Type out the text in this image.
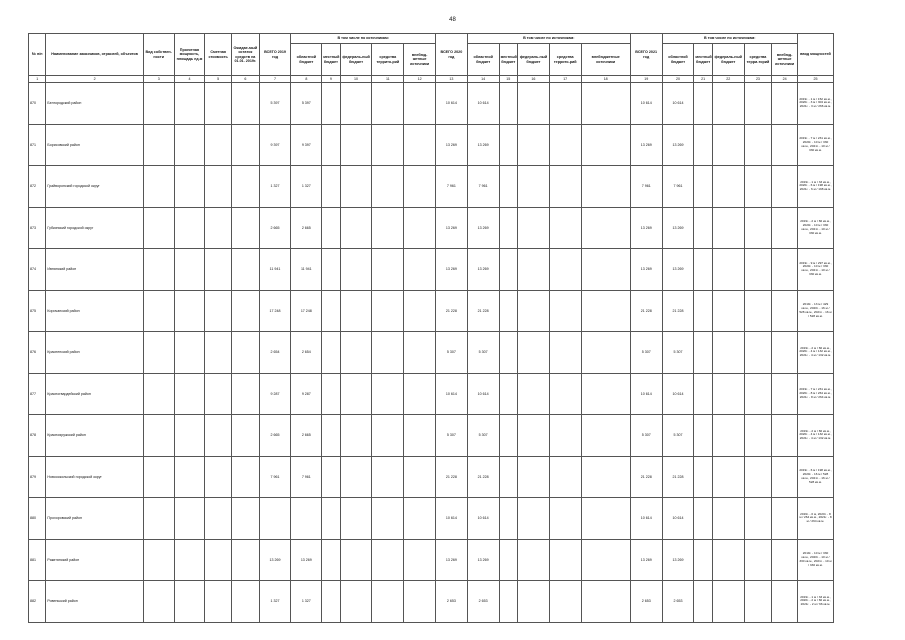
48
№ п/п	Наименование заказчиков, отраслей, объектов	Вид собствен-ности	Проектная мощность, площадь ед.м	Сметная стоимость	Ожидае-мый остаток средств на 01.01. 2019г.	ВСЕГО 2019 год	В том числе по источникам:					ВСЕГО 2020 год	В том числе по источникам:					ВСЕГО 2021 год	В том числе по источникам:					ввод мощностей
							областной бюджет	местный бюджет	федераль-ный бюджет	средства террито-рий	внебюд-жетные источники		областной бюджет	местный бюджет	федераль-ный бюджет	средства террито-рий	внебюджетные источники		областной бюджет	местный бюджет	федераль-ный бюджет	средства терри-торий	внебюд-жетные источники	
1	2	3	4	5	6	7	8	9	10	11	12	13	14	15	16	17	18	19	20	21	22	23	24	25
870	Белгородский район					5 397	5 397					10 614	10 614					10 614	10 614					2019г. - 1 м / 152 кв.м., 2020г. - 3 м / 304 кв.м., 2021г. - 3 м / 266 кв.м.
871	Борисовский район					9 397	9 397					13 269	13 269					13 269	13 269					2019г. - 7 м / 231 кв.м., 2020г. - 10 м / 330 кв.м., 2021г. - 10 м / 330 кв.м.
872	Грайворонский городской округ					1 327	1 327					7 961	7 961					7 961	7 961					2019г. - 1 м / 33 кв.м., 2020г. - 6 м / 198 кв.м., 2021г. - 6 м / 198 кв.м.
873	Губкинский городской округ					2 665	2 665					13 269	13 269					13 269	13 269					2019г. - 2 м / 66 кв.м., 2020г. - 10 м / 330 кв.м., 2021г. - 10 м / 330 кв.м.
874	Ивнянский район					11 941	11 941					13 269	13 269					13 269	13 269					2019г. - 9 м / 297 кв.м., 2020г. - 10 м / 330 кв.м., 2021г. - 10 м / 330 кв.м.
875	Корочанский район					17 248	17 248					21 228	21 228					21 228	21 228					2019г. - 13 м / 429 кв.м., 2020г. - 16 м / 528 кв.м., 2021г. - 16 м / 528 кв.м.
876	Красненский район					2 654	2 654					5 307	5 307					5 307	5 307					2019г. - 2 м / 66 кв.м., 2020г. - 4 м / 132 кв.м., 2021г. - 4 м / 132 кв.м.
877	Красногвардейский район					9 287	9 287					10 614	10 614					10 614	10 614					2019г. - 7 м / 231 кв.м., 2020г. - 8 м / 264 кв.м., 2021г. - 8 м / 264 кв.м.
878	Краснояружский район					2 665	2 665					5 307	5 307					5 307	5 307					2019г. - 2 м / 66 кв.м., 2020г. - 4 м / 132 кв.м., 2021г. - 4 м / 132 кв.м.
879	Новооскольский городской округ					7 961	7 961					21 228	21 228					21 228	21 228					2019г. - 6 м / 198 кв.м., 2020г. - 16 м / 528 кв.м., 2021г. - 16 м / 528 кв.м.
880	Прохоровский район											10 614	10 614					10 614	10 614					2019г. - 0 м, 2020г. - 8 м / 264 кв.м., 2021г. - 8 м / 264 кв.м.
881	Ракитянский район					13 269	13 269					13 269	13 269					13 269	13 269					2019г. - 10 м / 330 кв.м., 2020г. - 10 м / 330 кв.м., 2021г. - 10 м / 330 кв.м.
882	Ровеньский район					1 327	1 327					2 653	2 653					2 653	2 653					2019г. - 1 м / 33 кв.м., 2020г. - 2 м / 66 кв.м., 2021г. - 2 м / 66 кв.м.
